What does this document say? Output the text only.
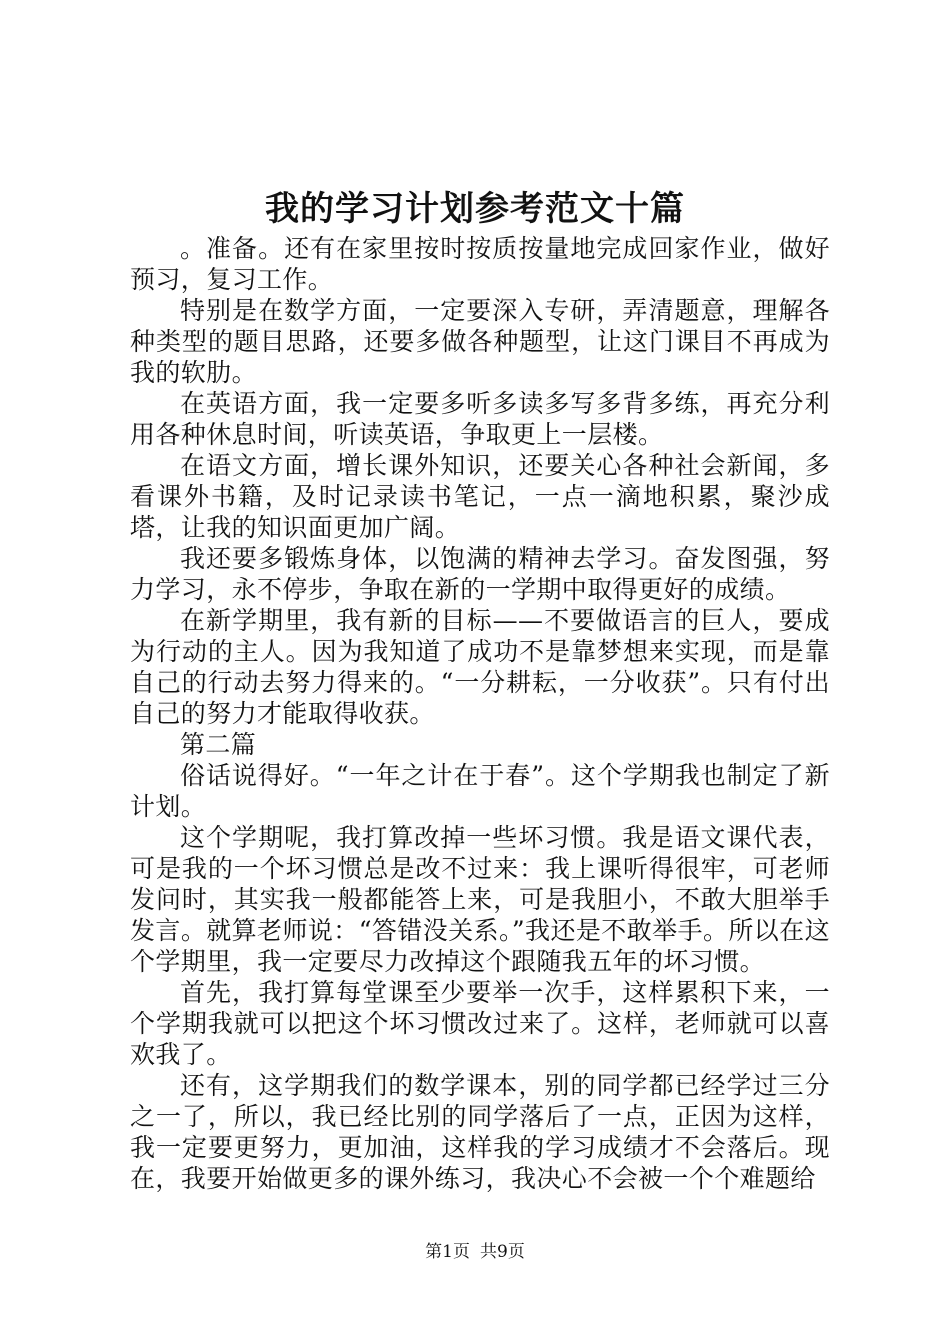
我的学习计划参考范文十篇

。准备。还有在家里按时按质按量地完成回家作业，做好预习，复习工作。

特别是在数学方面，一定要深入专研，弄清题意，理解各种类型的题目思路，还要多做各种题型，让这门课目不再成为我的软肋。

在英语方面，我一定要多听多读多写多背多练，再充分利用各种休息时间，听读英语，争取更上一层楼。

在语文方面，增长课外知识，还要关心各种社会新闻，多看课外书籍，及时记录读书笔记，一点一滴地积累，聚沙成塔，让我的知识面更加广阔。

我还要多锻炼身体，以饱满的精神去学习。奋发图强，努力学习，永不停步，争取在新的一学期中取得更好的成绩。

在新学期里，我有新的目标——不要做语言的巨人，要成为行动的主人。因为我知道了成功不是靠梦想来实现，而是靠自己的行动去努力得来的。“一分耕耘，一分收获”。只有付出自己的努力才能取得收获。

第二篇

俗话说得好。“一年之计在于春”。这个学期我也制定了新计划。

这个学期呢，我打算改掉一些坏习惯。我是语文课代表，可是我的一个坏习惯总是改不过来：我上课听得很牢，可老师发问时，其实我一般都能答上来，可是我胆小，不敢大胆举手发言。就算老师说：“答错没关系。”我还是不敢举手。所以在这个学期里，我一定要尽力改掉这个跟随我五年的坏习惯。

首先，我打算每堂课至少要举一次手，这样累积下来，一个学期我就可以把这个坏习惯改过来了。这样，老师就可以喜欢我了。

还有，这学期我们的数学课本，别的同学都已经学过三分之一了，所以，我已经比别的同学落后了一点，正因为这样，我一定要更努力，更加油，这样我的学习成绩才不会落后。现在，我要开始做更多的课外练习，我决心不会被一个个难题给

第1页 共9页
